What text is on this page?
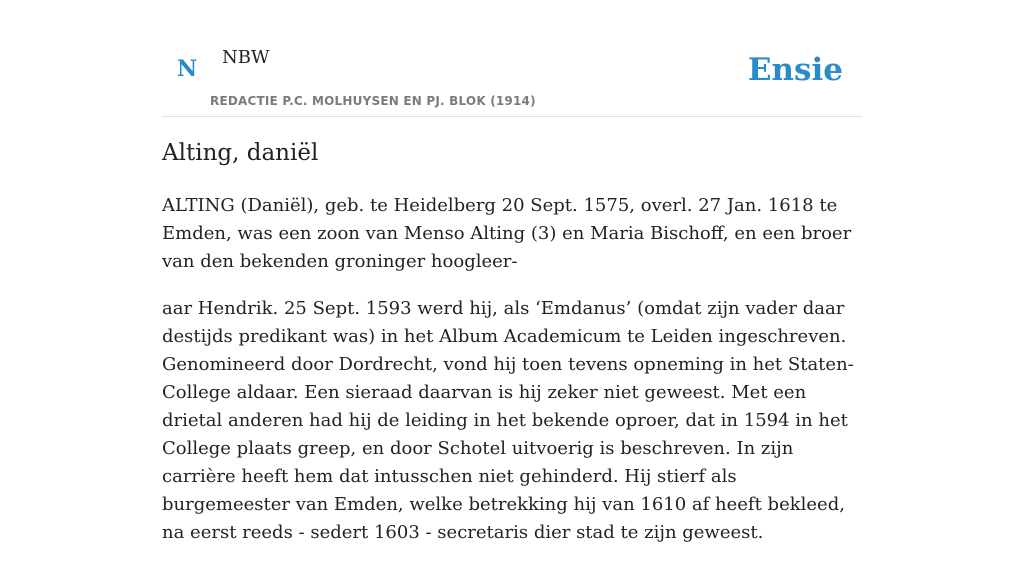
N NBW
REDACTIE P.C. MOLHUYSEN EN PJ. BLOK (1914)
Ensie
Alting, daniël

ALTING (Daniël), geb. te Heidelberg 20 Sept. 1575, overl. 27 Jan. 1618 te Emden, was een zoon van Menso Alting (3) en Maria Bischoff, en een broer van den bekenden groninger hoogleer-

aar Hendrik. 25 Sept. 1593 werd hij, als ‘Emdanus’ (omdat zijn vader daar destijds predikant was) in het Album Academicum te Leiden ingeschreven. Genomineerd door Dordrecht, vond hij toen tevens opneming in het Staten-College aldaar. Een sieraad daarvan is hij zeker niet geweest. Met een drietal anderen had hij de leiding in het bekende oproer, dat in 1594 in het College plaats greep, en door Schotel uitvoerig is beschreven. In zijn carrière heeft hem dat intusschen niet gehinderd. Hij stierf als burgemeester van Emden, welke betrekking hij van 1610 af heeft bekleed, na eerst reeds - sedert 1603 - secretaris dier stad te zijn geweest.
